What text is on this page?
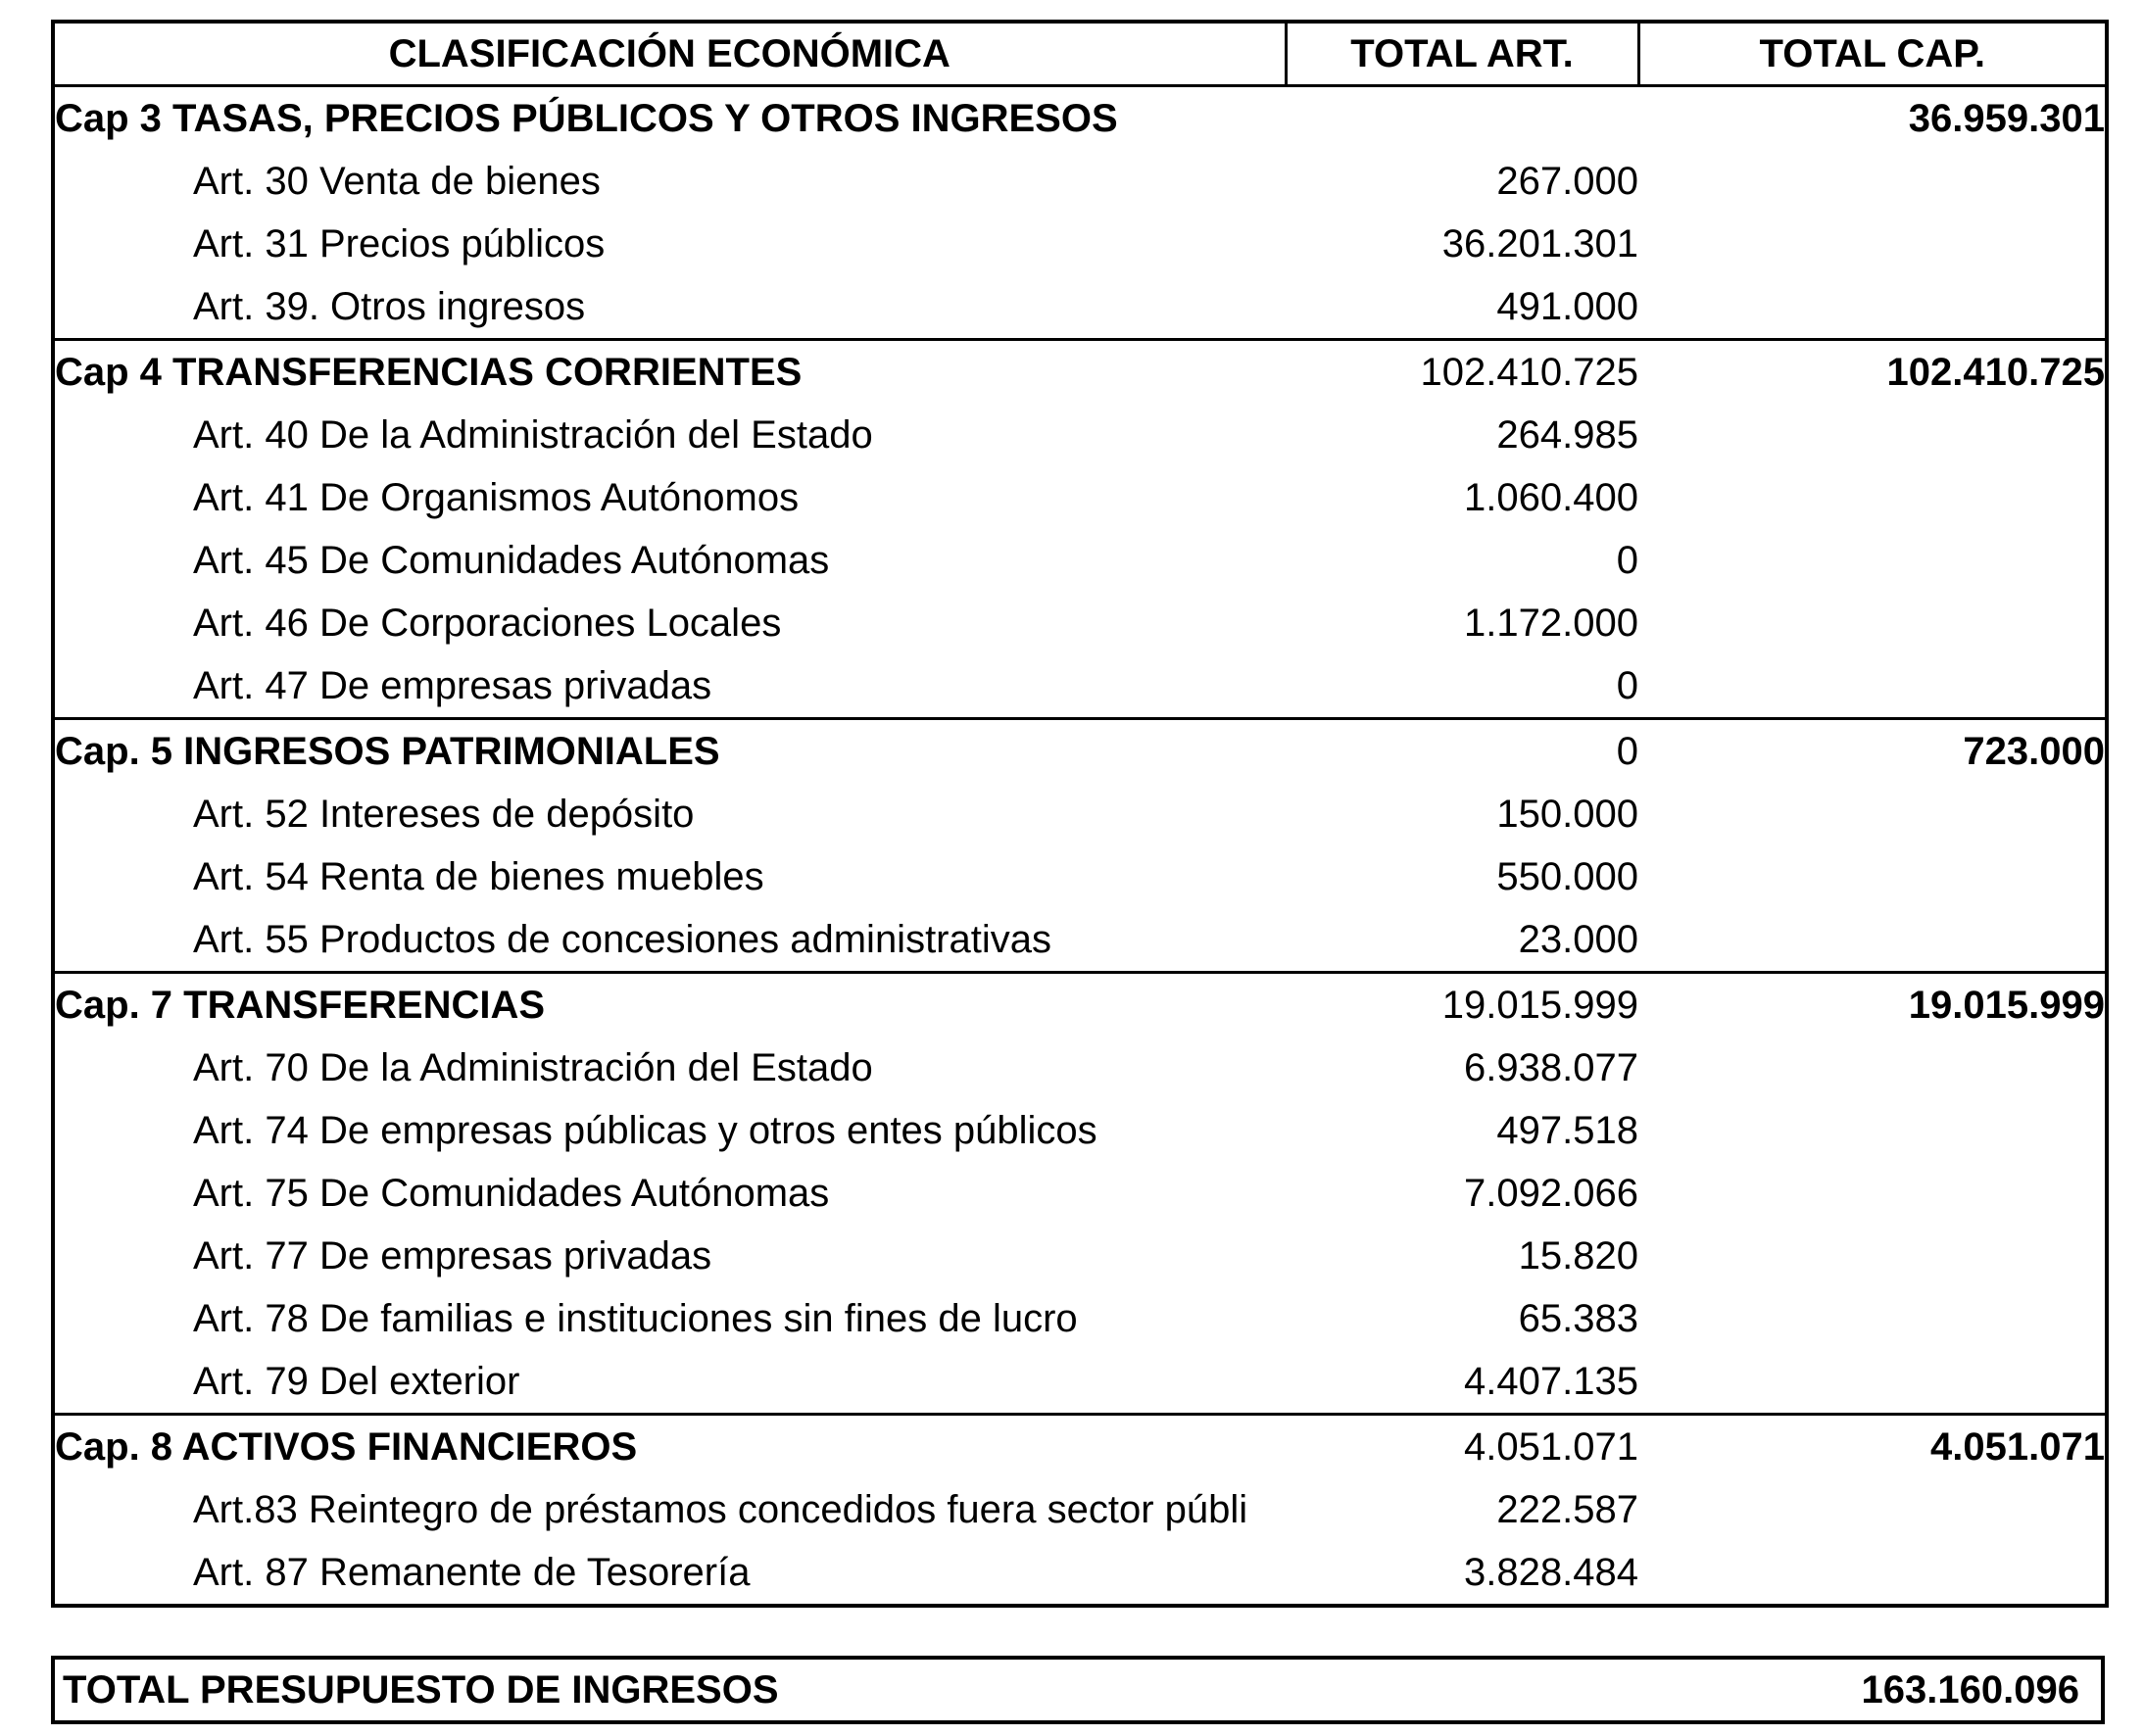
CLASIFICACIÓN ECONÓMICA	TOTAL ART.	TOTAL CAP.
Cap 3 TASAS, PRECIOS PÚBLICOS Y OTROS INGRESOS		36.959.301
Art. 30 Venta de bienes	267.000	
Art. 31 Precios públicos	36.201.301	
Art. 39. Otros ingresos	491.000	
Cap 4 TRANSFERENCIAS CORRIENTES	102.410.725	102.410.725
Art. 40 De la Administración del Estado	264.985	
Art. 41 De Organismos Autónomos	1.060.400	
Art. 45 De Comunidades Autónomas	0	
Art. 46 De Corporaciones Locales	1.172.000	
Art. 47 De empresas privadas	0	
Cap. 5 INGRESOS PATRIMONIALES	0	723.000
Art. 52 Intereses de depósito	150.000	
Art. 54 Renta de bienes muebles	550.000	
Art. 55 Productos de concesiones administrativas	23.000	
Cap. 7 TRANSFERENCIAS	19.015.999	19.015.999
Art. 70 De la Administración del Estado	6.938.077	
Art. 74 De empresas públicas y otros entes públicos	497.518	
Art. 75 De Comunidades Autónomas	7.092.066	
Art. 77 De empresas privadas	15.820	
Art. 78 De familias e instituciones sin fines de lucro	65.383	
Art. 79 Del exterior	4.407.135	
Cap. 8 ACTIVOS FINANCIEROS	4.051.071	4.051.071
Art.83 Reintegro de préstamos concedidos fuera sector públi	222.587	
Art. 87 Remanente de Tesorería	3.828.484	
TOTAL PRESUPUESTO DE INGRESOS	163.160.096
